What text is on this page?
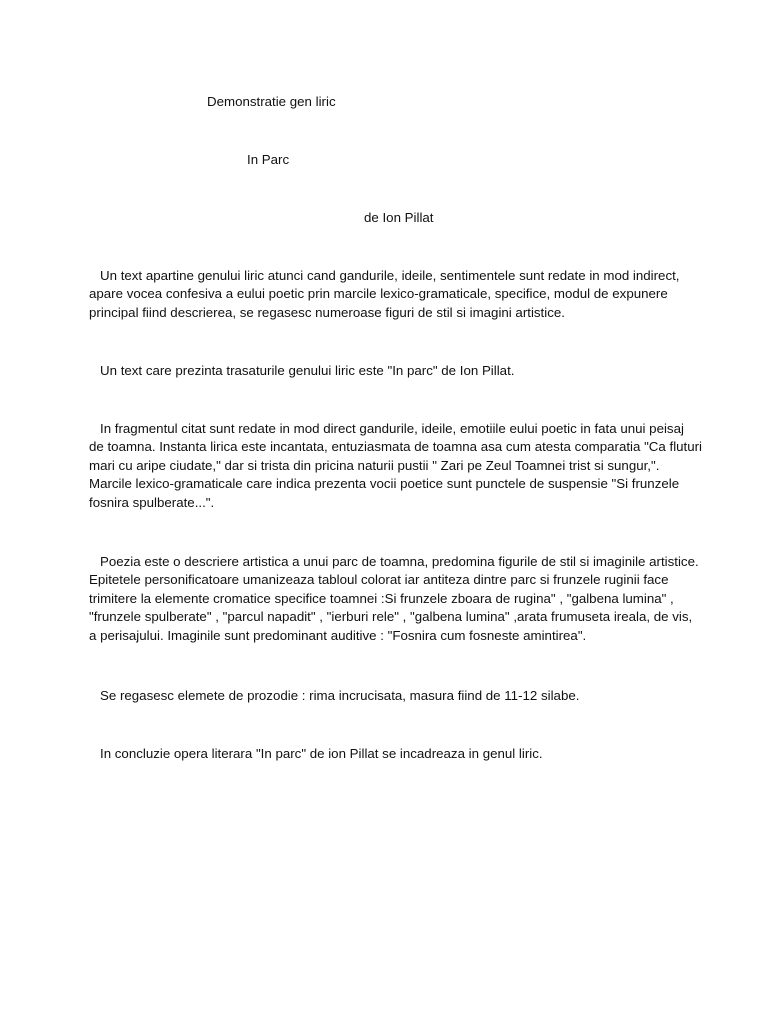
Demonstratie gen liric
In Parc
de Ion Pillat
Un text apartine genului liric atunci cand gandurile, ideile, sentimentele sunt redate in mod indirect,
apare vocea confesiva a eului poetic prin marcile lexico-gramaticale, specifice, modul de expunere
principal fiind descrierea, se regasesc numeroase figuri de stil si imagini artistice.
Un text care prezinta trasaturile genului liric este "In parc" de Ion Pillat.
In fragmentul citat sunt redate in mod direct gandurile, ideile, emotiile eului poetic in fata unui peisaj
de toamna. Instanta lirica este incantata, entuziasmata de toamna asa cum atesta comparatia "Ca fluturi
mari cu aripe ciudate," dar si trista din pricina naturii pustii " Zari pe Zeul Toamnei trist si sungur,".
Marcile lexico-gramaticale care indica prezenta vocii poetice sunt punctele de suspensie "Si frunzele
fosnira spulberate...".
Poezia este o descriere artistica a unui parc de toamna, predomina figurile de stil si imaginile artistice.
Epitetele personificatoare umanizeaza tabloul colorat iar antiteza dintre parc si frunzele ruginii face
trimitere la elemente cromatice specifice toamnei :Si frunzele zboara de rugina" , "galbena lumina" ,
"frunzele spulberate" , "parcul napadit" , "ierburi rele" , "galbena lumina" ,arata frumuseta ireala, de vis,
a perisajului. Imaginile sunt predominant auditive : "Fosnira cum fosneste amintirea".
Se regasesc elemete de prozodie : rima incrucisata, masura fiind de 11-12 silabe.
In concluzie opera literara "In parc" de ion Pillat se incadreaza in genul liric.
